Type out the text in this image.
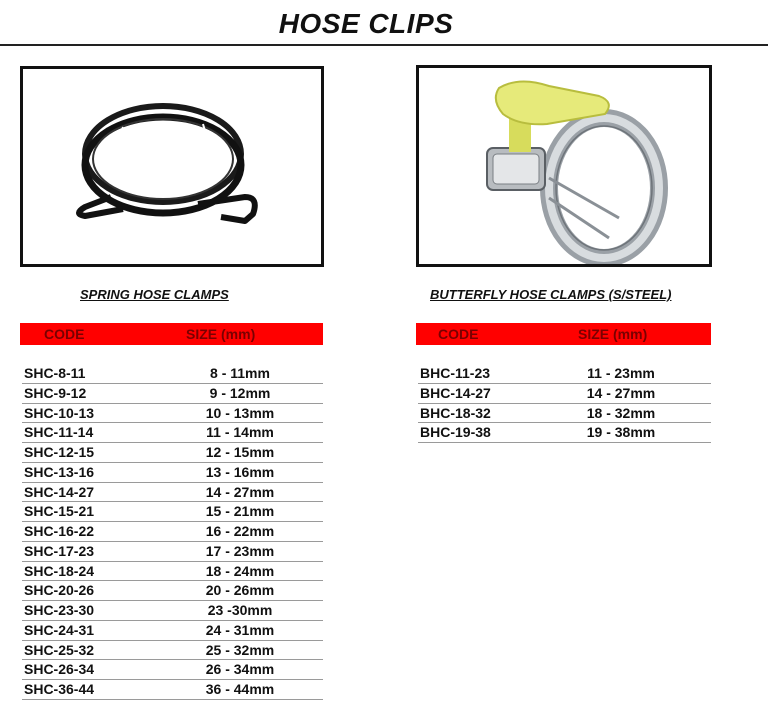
HOSE CLIPS
SPRING HOSE CLAMPS	BUTTERFLY HOSE CLAMPS (S/STEEL)
CODE	SIZE (mm)	CODE	SIZE (mm)
SHC-8-11	8 - 11mm
SHC-9-12	9 - 12mm
SHC-10-13	10 - 13mm
SHC-11-14	11 - 14mm
SHC-12-15	12 - 15mm
SHC-13-16	13 - 16mm
SHC-14-27	14 - 27mm
SHC-15-21	15 - 21mm
SHC-16-22	16 - 22mm
SHC-17-23	17 - 23mm
SHC-18-24	18 - 24mm
SHC-20-26	20 - 26mm
SHC-23-30	23 -30mm
SHC-24-31	24 - 31mm
SHC-25-32	25 - 32mm
SHC-26-34	26 - 34mm
SHC-36-44	36 - 44mm
BHC-11-23	11 - 23mm
BHC-14-27	14 - 27mm
BHC-18-32	18 - 32mm
BHC-19-38	19 - 38mm
